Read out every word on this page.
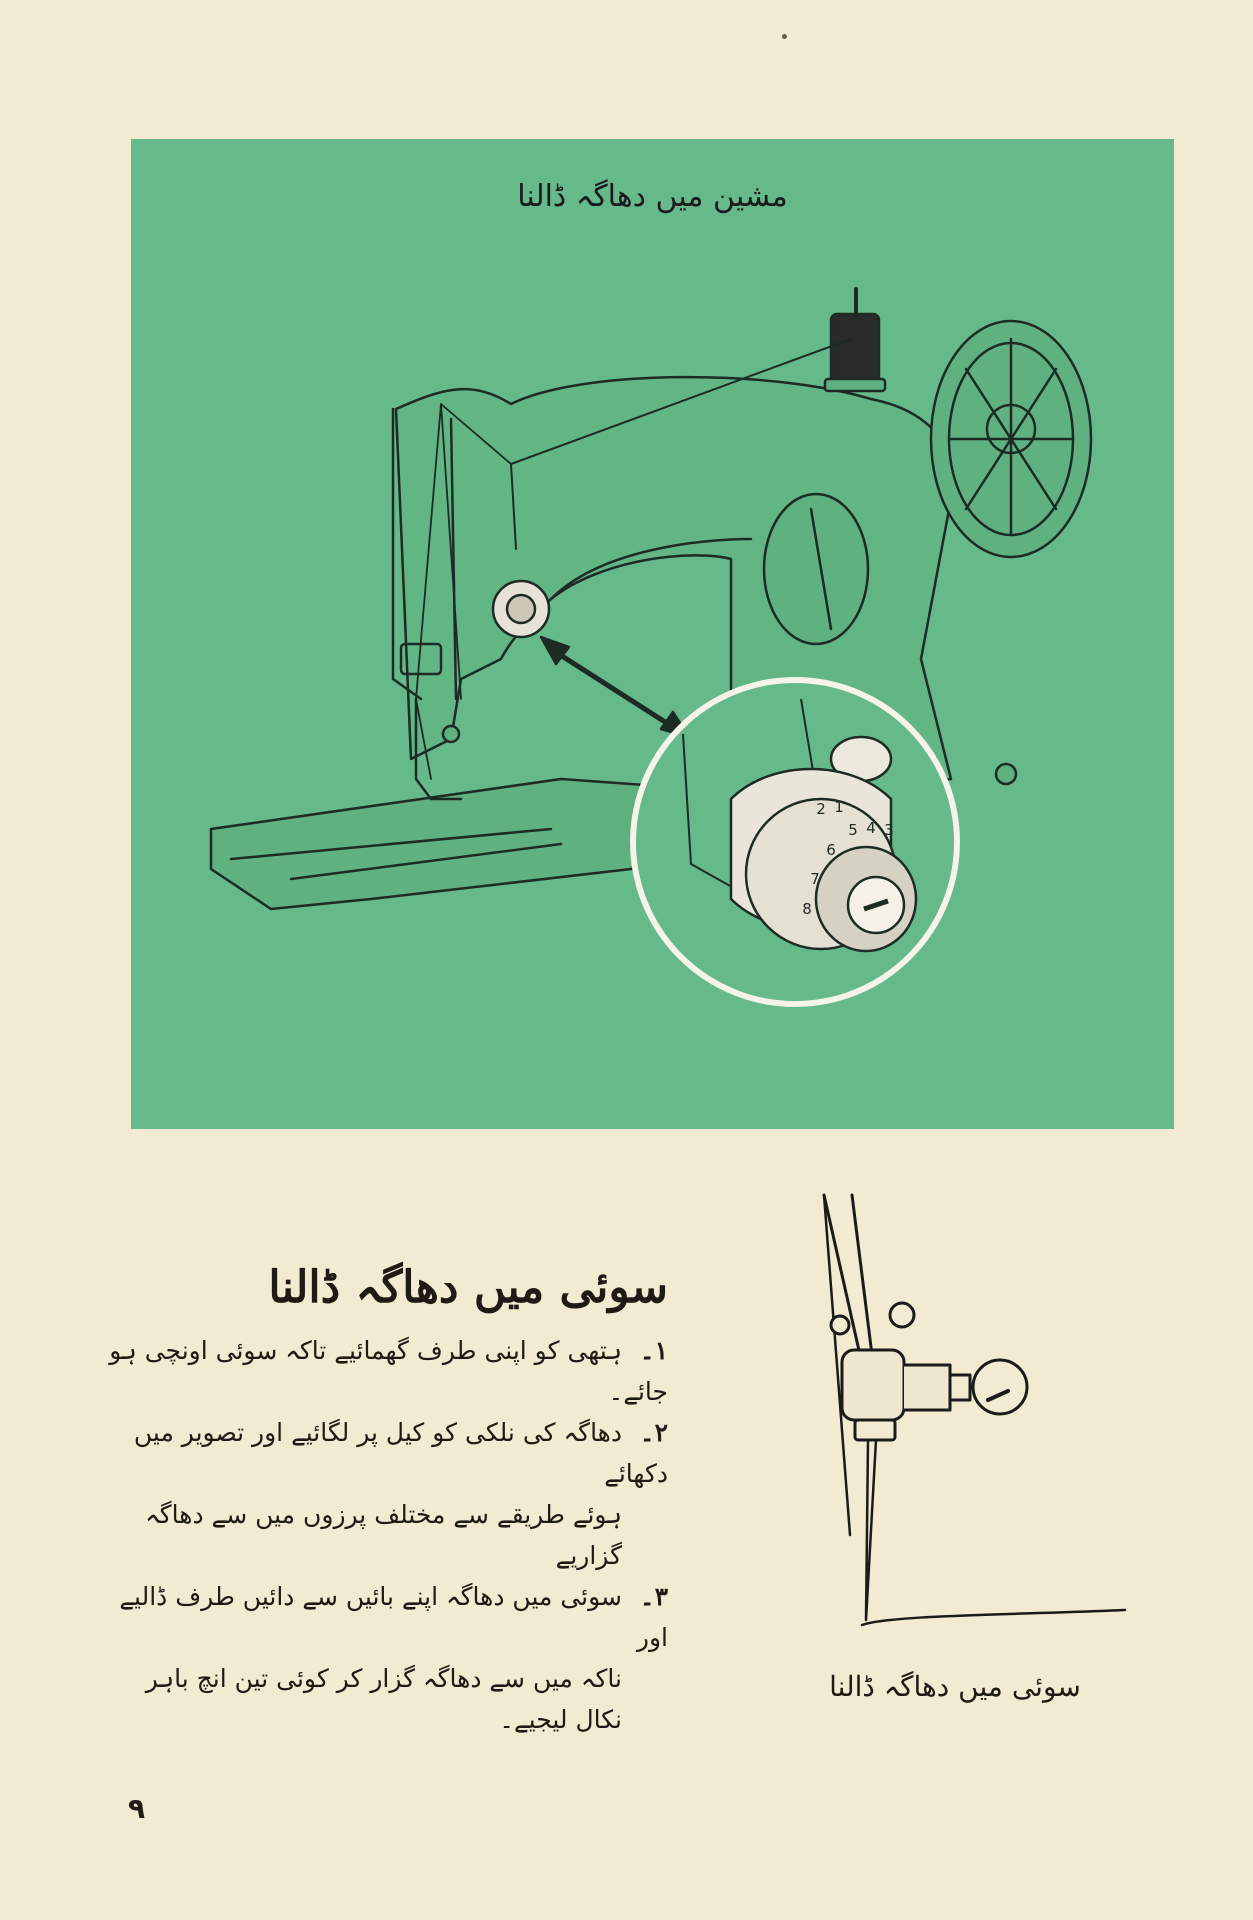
مشین میں دھاگہ ڈالنا
1
2
3
4
5
6
7
8
سوئی میں دھاگہ ڈالنا

۱۔ہتھی کو اپنی طرف گھمائیے تاکہ سوئی اونچی ہو جائے۔

۲۔دھاگہ کی نلکی کو کیل پر لگائیے اور تصویر میں دکھائے

ہوئے طریقے سے مختلف پرزوں میں سے دھاگہ گزاریے

۳۔سوئی میں دھاگہ اپنے بائیں سے دائیں طرف ڈالیے اور

ناکہ میں سے دھاگہ گزار کر کوئی تین انچ باہر نکال لیجیے۔

سوئی میں دھاگہ ڈالنا
۹
